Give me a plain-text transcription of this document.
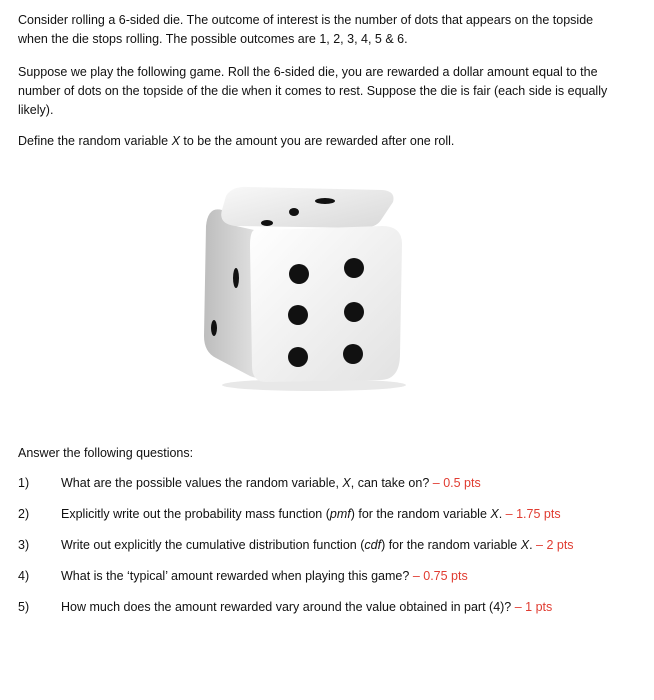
Consider rolling a 6-sided die. The outcome of interest is the number of dots that appears on the topside when the die stops rolling. The possible outcomes are 1, 2, 3, 4, 5 & 6.

Suppose we play the following game. Roll the 6-sided die, you are rewarded a dollar amount equal to the number of dots on the topside of the die when it comes to rest. Suppose the die is fair (each side is equally likely).

Define the random variable X to be the amount you are rewarded after one roll.

Answer the following questions:

1)	What are the possible values the random variable, X, can take on? – 0.5 pts
2)	Explicitly write out the probability mass function (pmf) for the random variable X. – 1.75 pts
3)	Write out explicitly the cumulative distribution function (cdf) for the random variable X. – 2 pts
4)	What is the ‘typical’ amount rewarded when playing this game? – 0.75 pts
5)	How much does the amount rewarded vary around the value obtained in part (4)? – 1 pts
